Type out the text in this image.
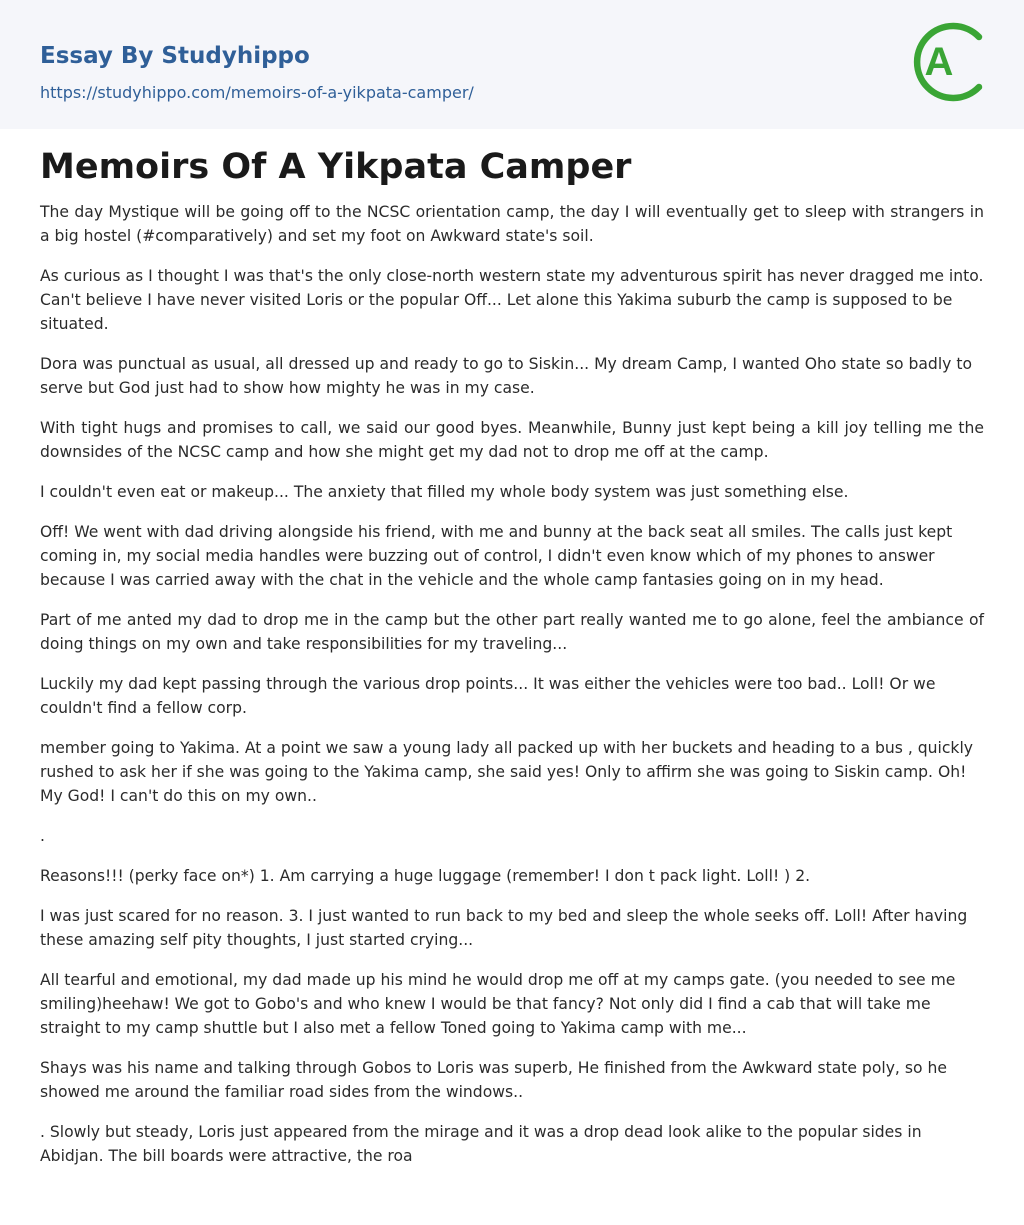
Essay By Studyhippo
https://studyhippo.com/memoirs-of-a-yikpata-camper/
A
Memoirs Of A Yikpata Camper

The day Mystique will be going off to the NCSC orientation camp, the day I will eventually get to sleep with strangers in a big hostel (#comparatively) and set my foot on Awkward state's soil.

As curious as I thought I was that's the only close-north western state my adventurous spirit has never dragged me into. Can't believe I have never visited Loris or the popular Off... Let alone this Yakima suburb the camp is supposed to be situated.

Dora was punctual as usual, all dressed up and ready to go to Siskin... My dream Camp, I wanted Oho state so badly to serve but God just had to show how mighty he was in my case.

With tight hugs and promises to call, we said our good byes. Meanwhile, Bunny just kept being a kill joy telling me the downsides of the NCSC camp and how she might get my dad not to drop me off at the camp.

I couldn't even eat or makeup... The anxiety that filled my whole body system was just something else.

Off! We went with dad driving alongside his friend, with me and bunny at the back seat all smiles. The calls just kept coming in, my social media handles were buzzing out of control, I didn't even know which of my phones to answer because I was carried away with the chat in the vehicle and the whole camp fantasies going on in my head.

Part of me anted my dad to drop me in the camp but the other part really wanted me to go alone, feel the ambiance of doing things on my own and take responsibilities for my traveling...

Luckily my dad kept passing through the various drop points... It was either the vehicles were too bad.. Loll! Or we couldn't find a fellow corp.

member going to Yakima. At a point we saw a young lady all packed up with her buckets and heading to a bus , quickly rushed to ask her if she was going to the Yakima camp, she said yes! Only to affirm she was going to Siskin camp. Oh! My God! I can't do this on my own..

.

Reasons!!! (perky face on*) 1. Am carrying a huge luggage (remember! I don t pack light. Loll! ) 2.

I was just scared for no reason. 3. I just wanted to run back to my bed and sleep the whole seeks off. Loll! After having these amazing self pity thoughts, I just started crying...

All tearful and emotional, my dad made up his mind he would drop me off at my camps gate. (you needed to see me smiling)heehaw! We got to Gobo's and who knew I would be that fancy? Not only did I find a cab that will take me straight to my camp shuttle but I also met a fellow Toned going to Yakima camp with me...

Shays was his name and talking through Gobos to Loris was superb, He finished from the Awkward state poly, so he showed me around the familiar road sides from the windows..

. Slowly but steady, Loris just appeared from the mirage and it was a drop dead look alike to the popular sides in Abidjan. The bill boards were attractive, the roa
